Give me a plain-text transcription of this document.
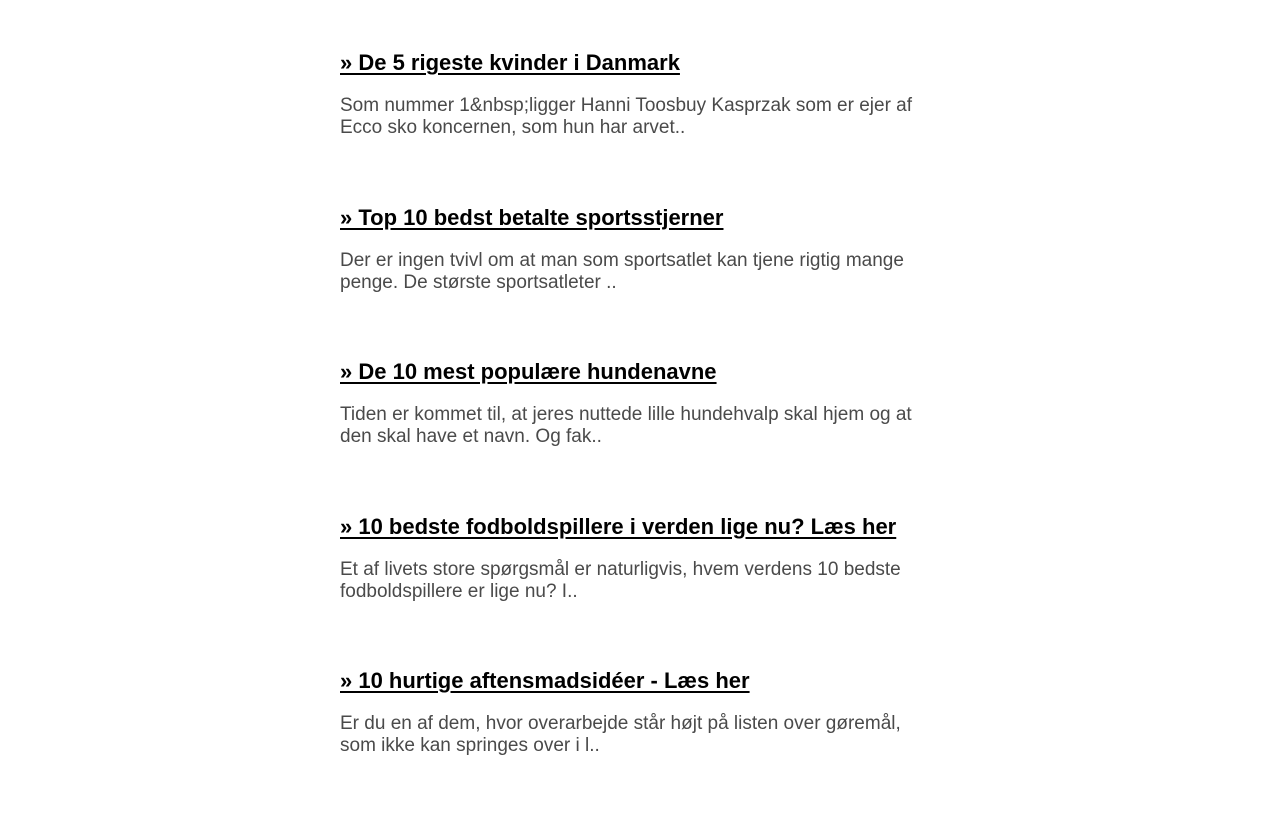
» De 5 rigeste kvinder i Danmark

Som nummer 1&nbsp;ligger Hanni Toosbuy Kasprzak som er ejer af Ecco sko koncernen, som hun har arvet..

» Top 10 bedst betalte sportsstjerner

Der er ingen tvivl om at man som sportsatlet kan tjene rigtig mange penge. De største sportsatleter ..

» De 10 mest populære hundenavne

Tiden er kommet til, at jeres nuttede lille hundehvalp skal hjem og at den skal have et navn. Og fak..

» 10 bedste fodboldspillere i verden lige nu? Læs her

Et af livets store spørgsmål er naturligvis, hvem verdens 10 bedste fodboldspillere er lige nu? I..

» 10 hurtige aftensmadsidéer - Læs her

Er du en af dem, hvor overarbejde står højt på listen over gøremål, som ikke kan springes over i l..
